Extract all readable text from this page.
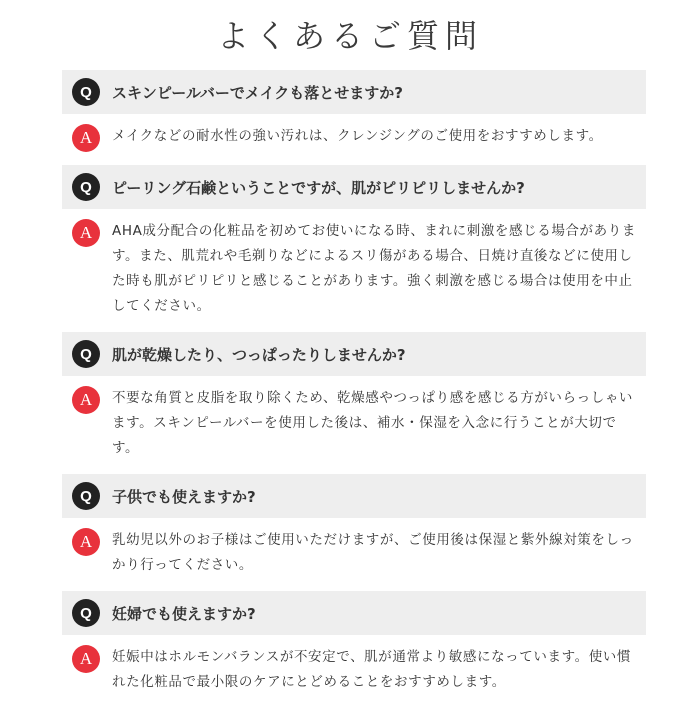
よくあるご質問
Q	スキンピールバーでメイクも落とせますか?
A	メイクなどの耐水性の強い汚れは、クレンジングのご使用をおすすめします。
Q	ピーリング石鹸ということですが、肌がピリピリしませんか?
A	AHA成分配合の化粧品を初めてお使いになる時、まれに刺激を感じる場合があります。また、肌荒れや毛剃りなどによるスリ傷がある場合、日焼け直後などに使用した時も肌がピリピリと感じることがあります。強く刺激を感じる場合は使用を中止してください。
Q	肌が乾燥したり、つっぱったりしませんか?
A	不要な角質と皮脂を取り除くため、乾燥感やつっぱり感を感じる方がいらっしゃいます。スキンピールバーを使用した後は、補水・保湿を入念に行うことが大切です。
Q	子供でも使えますか?
A	乳幼児以外のお子様はご使用いただけますが、ご使用後は保湿と紫外線対策をしっかり行ってください。
Q	妊婦でも使えますか?
A	妊娠中はホルモンバランスが不安定で、肌が通常より敏感になっています。使い慣れた化粧品で最小限のケアにとどめることをおすすめします。
